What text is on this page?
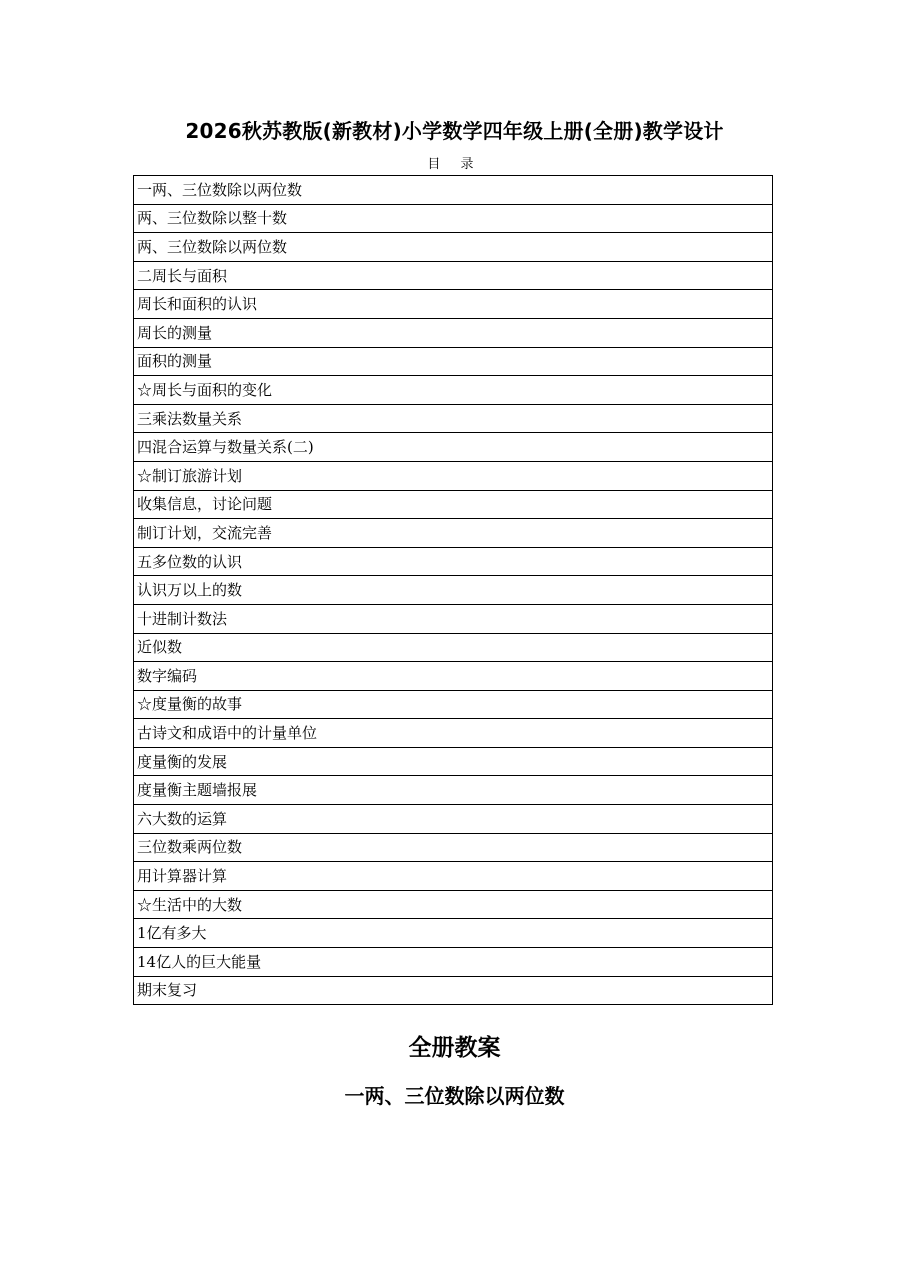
2026秋苏教版(新教材)小学数学四年级上册(全册)教学设计
目 录
一两、三位数除以两位数
两、三位数除以整十数
两、三位数除以两位数
二周长与面积
周长和面积的认识
周长的测量
面积的测量
☆周长与面积的变化
三乘法数量关系
四混合运算与数量关系(二)
☆制订旅游计划
收集信息，讨论问题
制订计划，交流完善
五多位数的认识
认识万以上的数
十进制计数法
近似数
数字编码
☆度量衡的故事
古诗文和成语中的计量单位
度量衡的发展
度量衡主题墙报展
六大数的运算
三位数乘两位数
用计算器计算
☆生活中的大数
1亿有多大
14亿人的巨大能量
期末复习
全册教案
一两、三位数除以两位数
